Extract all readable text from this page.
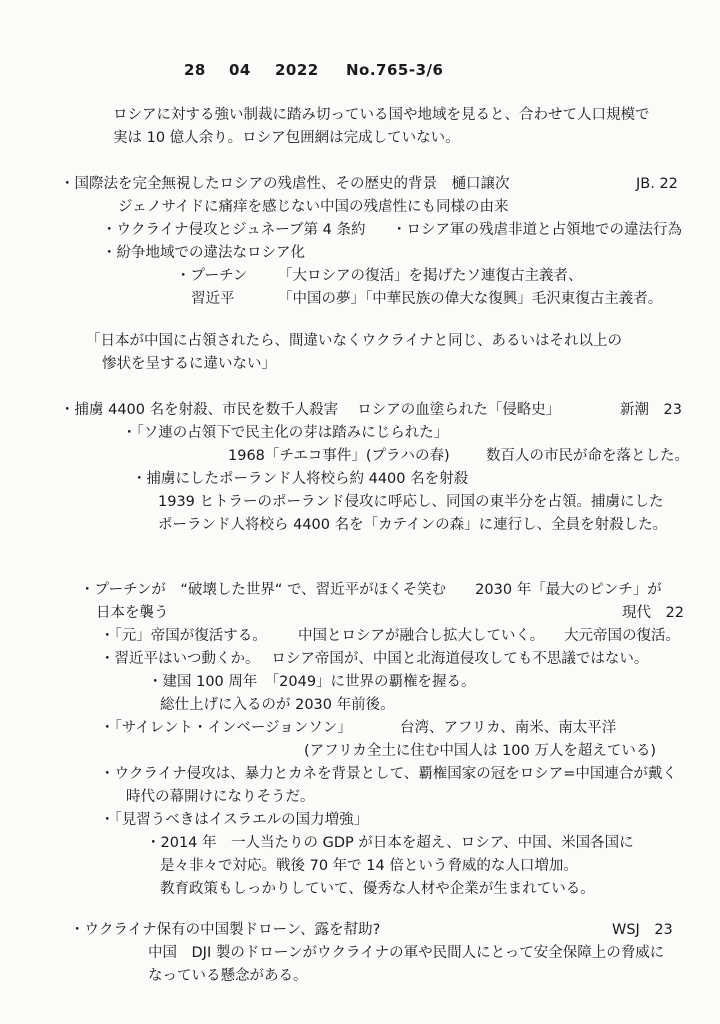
28 04 2022 No.765-3/6
ロシアに対する強い制裁に踏み切っている国や地域を見ると、合わせて人口規模で
実は 10 億人余り。ロシア包囲網は完成していない。
・国際法を完全無視したロシアの残虐性、その歴史的背景　樋口譲次	JB. 22
ジェノサイドに痛痒を感じない中国の残虐性にも同様の由来
・ウクライナ侵攻とジュネーブ第 4 条約 ・ロシア軍の残虐非道と占領地での違法行為
・紛争地域での違法なロシア化
・プーチン 「大ロシアの復活」を掲げたソ連復古主義者、
習近平	「中国の夢」「中華民族の偉大な復興」毛沢東復古主義者。
「日本が中国に占領されたら、間違いなくウクライナと同じ、あるいはそれ以上の
惨状を呈するに違いない」
・捕虜 4400 名を射殺、市民を数千人殺害　 ロシアの血塗られた「侵略史」	新潮　23
・「ソ連の占領下で民主化の芽は踏みにじられた」
1968「チエコ事件」(プラハの春)	数百人の市民が命を落とした。
・捕虜にしたポーランド人将校ら約 4400 名を射殺
1939 ヒトラーのポーランド侵攻に呼応し、同国の東半分を占領。捕虜にした
ポーランド人将校ら 4400 名を「カテインの森」に連行し、全員を射殺した。
・プーチンが　“破壊した世界“ で、習近平がほくそ笑む　　2030 年「最大のピンチ」が
日本を襲う	現代　22
・「元」帝国が復活する。 中国とロシアが融合し拡大していく。 大元帝国の復活。
・習近平はいつ動くか。　 ロシア帝国が、中国と北海道侵攻しても不思議ではない。
・建国 100 周年　「2049」に世界の覇権を握る。
総仕上げに入るのが 2030 年前後。
・「サイレント・インベージョンソン」	台湾、アフリカ、南米、南太平洋
(アフリカ全土に住む中国人は 100 万人を超えている)
・ウクライナ侵攻は、暴力とカネを背景として、覇権国家の冠をロシア=中国連合が戴く
時代の幕開けになりそうだ。
・「見習うべきはイスラエルの国力増強」
・2014 年　一人当たりの GDP が日本を超え、ロシア、中国、米国各国に
是々非々で対応。戦後 70 年で 14 倍という脅威的な人口増加。
教育政策もしっかりしていて、優秀な人材や企業が生まれている。
・ウクライナ保有の中国製ドローン、露を幇助?	WSJ　23
中国　DJI 製のドローンがウクライナの軍や民間人にとって安全保障上の脅威に
なっている懸念がある。
